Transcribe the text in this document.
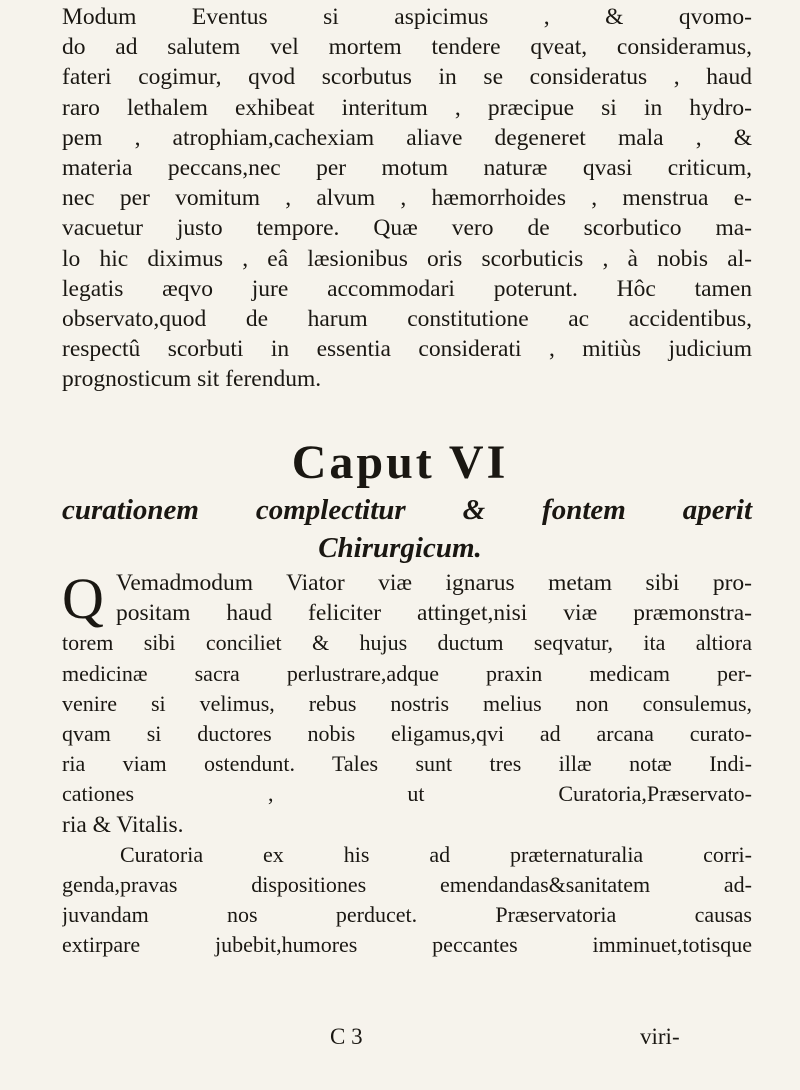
Modum Eventus si aspicimus , & qvomo-
do ad salutem vel mortem tendere qveat, consideramus,
fateri cogimur, qvod scorbutus in se consideratus , haud
raro lethalem exhibeat interitum , præcipue si in hydro-
pem , atrophiam,cachexiam aliave degeneret mala , &
materia peccans,nec per motum naturæ qvasi criticum,
nec per vomitum , alvum , hæmorrhoides , menstrua e-
vacuetur justo tempore. Quæ vero de scorbutico ma-
lo hic diximus , eâ læsionibus oris scorbuticis , à nobis al-
legatis æqvo jure accommodari poterunt. Hôc tamen
observato,quod de harum constitutione ac accidentibus,
respectû scorbuti in essentia considerati , mitiùs judicium
prognosticum sit ferendum.
Caput VI
curationem complectitur & fontem aperit
Chirurgicum.
Q Vemadmodum Viator viæ ignarus metam sibi pro-
positam haud feliciter attinget,nisi viæ præmonstra-
torem sibi conciliet & hujus ductum seqvatur, ita altiora
medicinæ sacra perlustrare,adque praxin medicam per-
venire si velimus, rebus nostris melius non consulemus,
qvam si ductores nobis eligamus,qvi ad arcana curato-
ria viam ostendunt. Tales sunt tres illæ notæ Indi-
cationes , ut Curatoria,Præservato-
ria & Vitalis.
Curatoria ex his ad præternaturalia corri-
genda,pravas dispositiones emendandas&sanitatem ad-
juvandam nos perducet. Præservatoria causas
extirpare jubebit,humores peccantes imminuet,totisque
C 3	viri-
